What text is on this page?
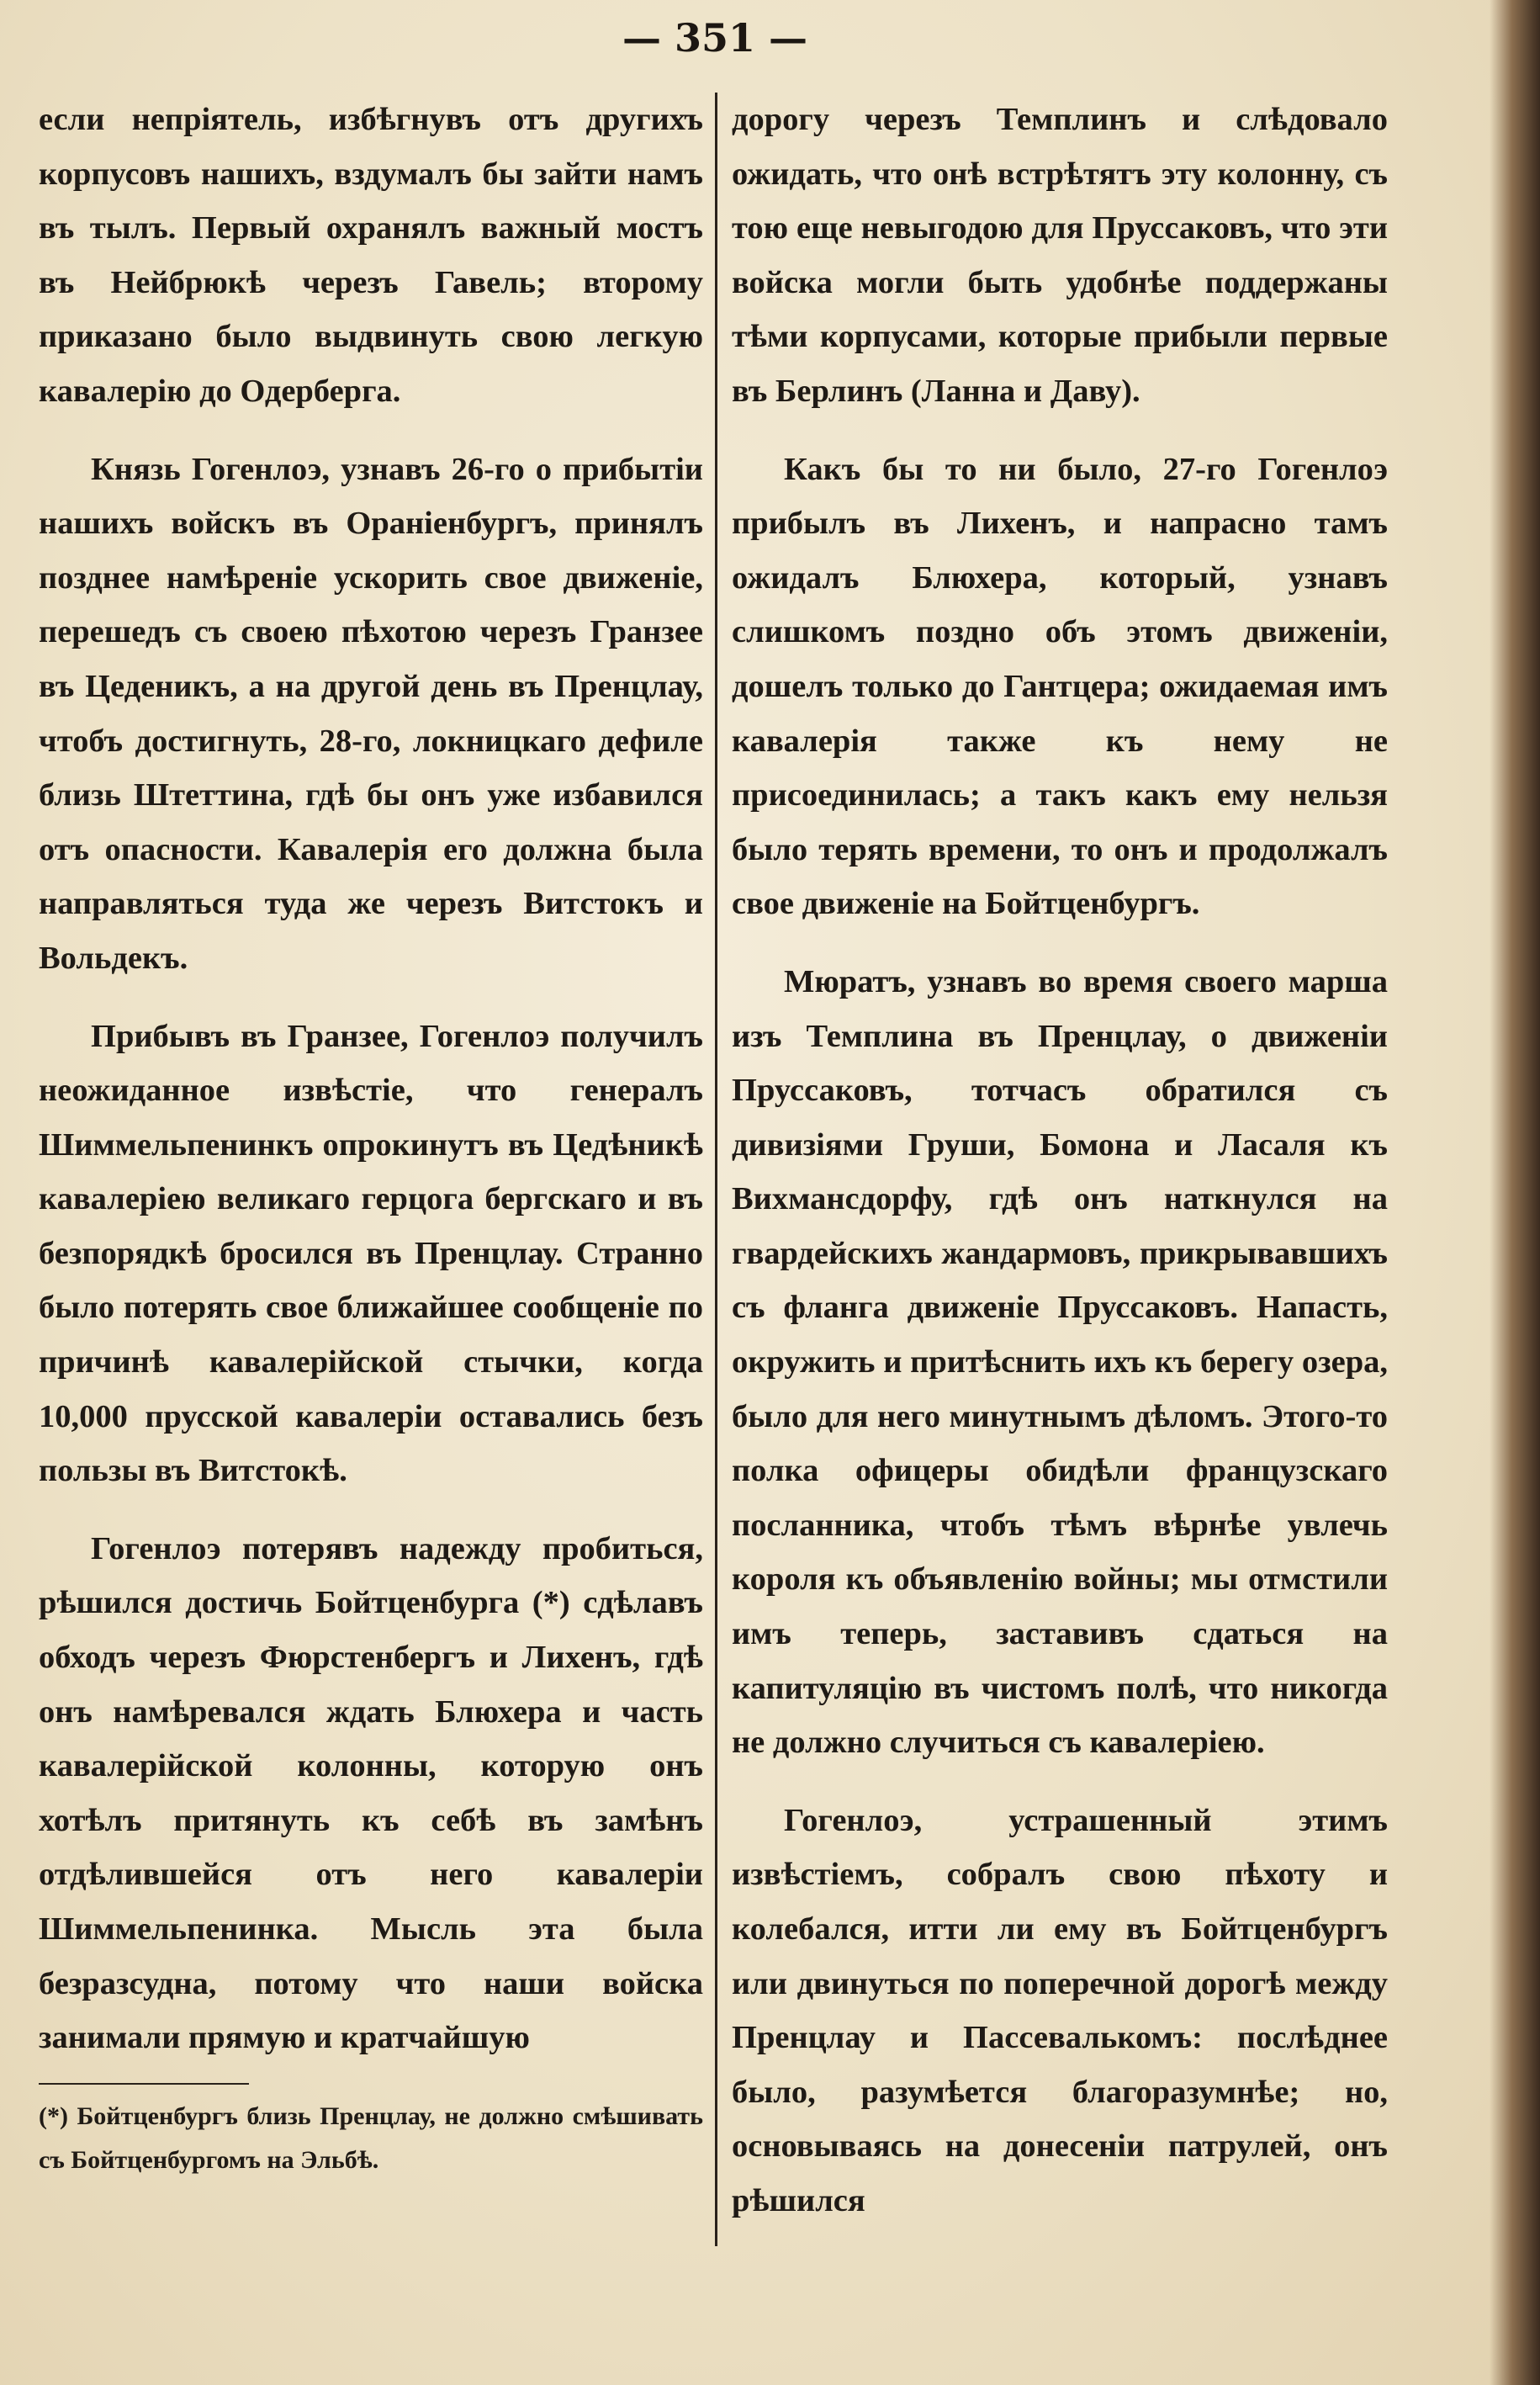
— 351 —

если непріятель, избѣгнувъ отъ другихъ корпусовъ нашихъ, вздумалъ бы зайти намъ въ тылъ. Первый охранялъ важный мостъ въ Нейбрюкѣ черезъ Гавель; второму приказано было выдвинуть свою легкую кавалерію до Одерберга.

Князь Гогенлоэ, узнавъ 26-го о прибытіи нашихъ войскъ въ Ораніенбургъ, принялъ позднее намѣреніе ускорить свое движеніе, перешедъ съ своею пѣхотою черезъ Гранзее въ Цеденикъ, а на другой день въ Пренцлау, чтобъ достигнуть, 28-го, локницкаго дефиле близь Штеттина, гдѣ бы онъ уже избавился отъ опасности. Кавалерія его должна была направляться туда же черезъ Витстокъ и Вольдекъ.

Прибывъ въ Гранзее, Гогенлоэ получилъ неожиданное извѣстіе, что генералъ Шиммельпенинкъ опрокинутъ въ Цедѣникѣ кавалеріею великаго герцога бергскаго и въ безпорядкѣ бросился въ Пренцлау. Странно было потерять свое ближайшее сообщеніе по причинѣ кавалерійской стычки, когда 10,000 прусской кавалеріи оставались безъ пользы въ Витстокѣ.

Гогенлоэ потерявъ надежду пробиться, рѣшился достичь Бойтценбурга (*) сдѣлавъ обходъ черезъ Фюрстенбергъ и Лихенъ, гдѣ онъ намѣревался ждать Блюхера и часть кавалерійской колонны, которую онъ хотѣлъ притянуть къ себѣ въ замѣнъ отдѣлившейся отъ него кавалеріи Шиммельпенинка. Мысль эта была безразсудна, потому что наши войска занимали прямую и кратчайшую

дорогу черезъ Темплинъ и слѣдовало ожидать, что онѣ встрѣтятъ эту колонну, съ тою еще невыгодою для Пруссаковъ, что эти войска могли быть удобнѣе поддержаны тѣми корпусами, которые прибыли первые въ Берлинъ (Ланна и Даву).

Какъ бы то ни было, 27-го Гогенлоэ прибылъ въ Лихенъ, и напрасно тамъ ожидалъ Блюхера, который, узнавъ слишкомъ поздно объ этомъ движеніи, дошелъ только до Гантцера; ожидаемая имъ кавалерія также къ нему не присоединилась; а такъ какъ ему нельзя было терять времени, то онъ и продолжалъ свое движеніе на Бойтценбургъ.

Мюратъ, узнавъ во время своего марша изъ Темплина въ Пренцлау, о движеніи Пруссаковъ, тотчасъ обратился съ дивизіями Груши, Бомона и Ласаля къ Вихмансдорфу, гдѣ онъ наткнулся на гвардейскихъ жандармовъ, прикрывавшихъ съ фланга движеніе Пруссаковъ. Напасть, окружить и притѣснить ихъ къ берегу озера, было для него минутнымъ дѣломъ. Этого-то полка офицеры обидѣли французскаго посланника, чтобъ тѣмъ вѣрнѣе увлечь короля къ объявленію войны; мы отмстили имъ теперь, заставивъ сдаться на капитуляцію въ чистомъ полѣ, что никогда не должно случиться съ кавалеріею.

Гогенлоэ, устрашенный этимъ извѣстіемъ, собралъ свою пѣхоту и колебался, итти ли ему въ Бойтценбургъ или двинуться по поперечной дорогѣ между Пренцлау и Пассевалькомъ: послѣднее было, разумѣется благоразумнѣе; но, основываясь на донесеніи патрулей, онъ рѣшился

(*) Бойтценбургъ близь Пренцлау, не должно смѣшивать съ Бойтценбургомъ на Эльбѣ.
